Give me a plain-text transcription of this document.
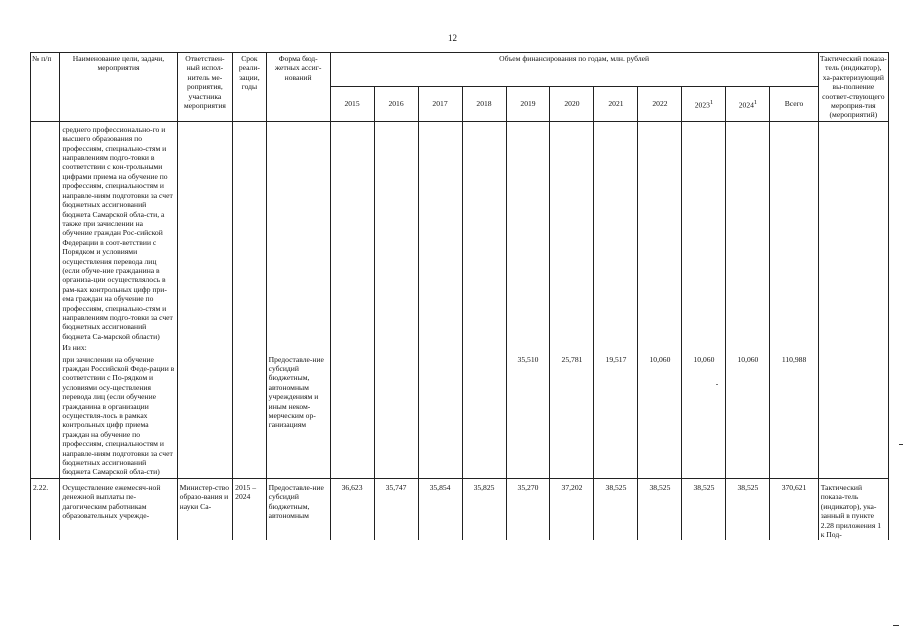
12
№ п/п	Наименование цели, задачи, мероприятия	Ответствен-ный испол-нитель ме-роприятия, участника мероприятия	Срок реали-зации, годы	Форма бюд-жетных ассиг-нований	Объем финансирования по годам, млн. рублей											Тактический показа-тель (индикатор), ха-рактеризующий вы-полнение соответ-ствующего мероприя-тия (мероприятий)
					2015	2016	2017	2018	2019	2020	2021	2022	2023$^1$	2024$^1$	Всего	
	среднего профессионально-го и высшего образования по профессиям, специально-стям и направлениям подго-товки в соответствии с кон-трольными цифрами приема на обучение по профессиям, специальностям и направле-ниям подготовки за счет бюджетных ассигнований бюджета Самарской обла-сти, а также при зачислении на обучение граждан Рос-сийской Федерации в соот-ветствии с Порядком и условиями осуществления перевода лиц (если обуче-ние гражданина в организа-ции осуществлялось в рам-ках контрольных цифр при-ема граждан на обучение по профессиям, специально-стям и направлениям подго-товки за счет бюджетных ассигнований бюджета Са-марской области)															
	Из них:															
	при зачислении на обучение граждан Российской Феде-рации в соответствии с По-рядком и условиями осу-ществления перевода лиц (если обучение гражданина в организации осуществля-лось в рамках контрольных цифр приема граждан на обучение по профессиям, специальностям и направле-ниям подготовки за счет бюджетных ассигнований бюджета Самарской обла-сти)			Предоставле-ние субсидий бюджетным, автономным учреждениям и иным неком-мерческим ор-ганизациям					35,510	25,781	19,517	10,060	10,060	10,060	110,988	
2.22.	Осуществление ежемесяч-ной денежной выплаты пе-дагогическим работникам образовательных учрежде-	Министер-ство образо-вания и науки Са-	2015 – 2024	Предоставле-ние субсидий бюджетным, автономным	36,623	35,747	35,854	35,825	35,270	37,202	38,525	38,525	38,525	38,525	370,621	Тактический показа-тель (индикатор), ука-занный в пункте 2.28 приложения 1 к Под-
